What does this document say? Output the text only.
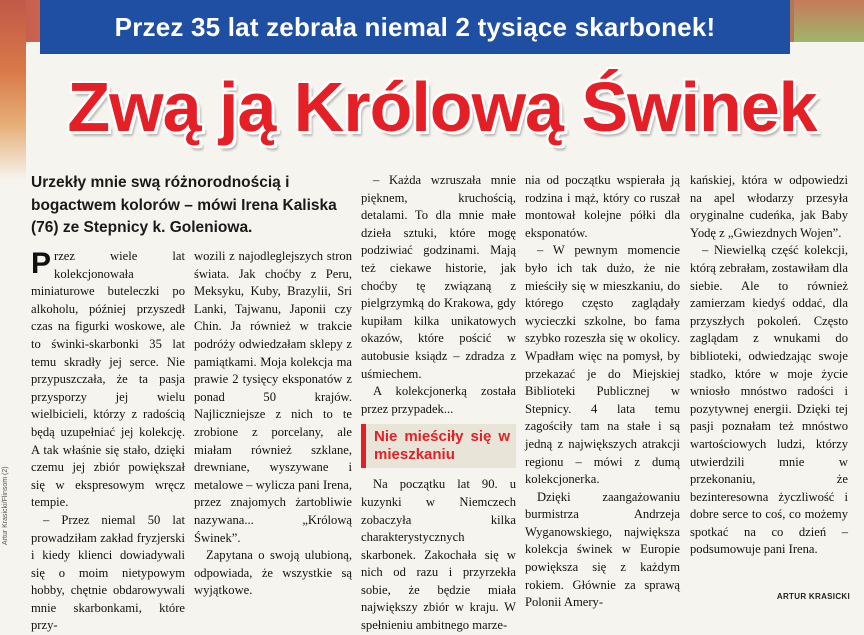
Przez 35 lat zebrała niemal 2 tysiące skarbonek!
Zwą ją Królową Świnek
Urzekły mnie swą różnorodnością i bogactwem kolorów – mówi Irena Kaliska (76) ze Stepnicy k. Goleniowa.

Przez wiele lat kolekcjonowała miniaturowe buteleczki po alkoholu, później przyszedł czas na figurki woskowe, ale to świnki-skarbonki 35 lat temu skradły jej serce. Nie przypuszczała, że ta pasja przysporzy jej wielu wielbicieli, którzy z radością będą uzupełniać jej kolekcję. A tak właśnie się stało, dzięki czemu jej zbiór powiększał się w ekspresowym wręcz tempie.

– Przez niemal 50 lat prowadziłam zakład fryzjerski i kiedy klienci dowiadywali się o moim nietypowym hobby, chętnie obdarowywali mnie skarbonkami, które przy-

wozili z najodleglejszych stron świata. Jak choćby z Peru, Meksyku, Kuby, Brazylii, Sri Lanki, Tajwanu, Japonii czy Chin. Ja również w trakcie podróży odwiedzałam sklepy z pamiątkami. Moja kolekcja ma prawie 2 tysięcy eksponatów z ponad 50 krajów. Najliczniejsze z nich to te zrobione z porcelany, ale miałam również szklane, drewniane, wyszywane i metalowe – wylicza pani Irena, przez znajomych żartobliwie nazywana... „Królową Świnek”.

Zapytana o swoją ulubioną, odpowiada, że wszystkie są wyjątkowe.

– Każda wzruszała mnie pięknem, kruchością, detalami. To dla mnie małe dzieła sztuki, które mogę podziwiać godzinami. Mają też ciekawe historie, jak choćby tę związaną z pielgrzymką do Krakowa, gdy kupiłam kilka unikatowych okazów, które pościć w autobusie ksiądz – zdradza z uśmiechem.

A kolekcjonerką została przez przypadek...

Nie mieściły się w mieszkaniu

Na początku lat 90. u kuzynki w Niemczech zobaczyła kilka charakterystycznych skarbonek. Zakochała się w nich od razu i przyrzekła sobie, że będzie miała największy zbiór w kraju. W spełnieniu ambitnego marze-

nia od początku wspierała ją rodzina i mąż, który co ruszał montował kolejne półki dla eksponatów.

– W pewnym momencie było ich tak dużo, że nie mieściły się w mieszkaniu, do którego często zaglądały wycieczki szkolne, bo fama szybko rozeszła się w okolicy. Wpadłam więc na pomysł, by przekazać je do Miejskiej Biblioteki Publicznej w Stepnicy. 4 lata temu zagościły tam na stałe i są jedną z największych atrakcji regionu – mówi z dumą kolekcjonerka.

Dzięki zaangażowaniu burmistrza Andrzeja Wyganowskiego, największa kolekcja świnek w Europie powiększa się z każdym rokiem. Głównie za sprawą Polonii Amery-

kańskiej, która w odpowiedzi na apel włodarzy przesyła oryginalne cudeńka, jak Baby Yodę z „Gwiezdnych Wojen”.

– Niewielką część kolekcji, którą zebrałam, zostawiłam dla siebie. Ale to również zamierzam kiedyś oddać, dla przyszłych pokoleń. Często zaglądam z wnukami do biblioteki, odwiedzając swoje stadko, które w moje życie wniosło mnóstwo radości i pozytywnej energii. Dzięki tej pasji poznałam też mnóstwo wartościowych ludzi, którzy utwierdzili mnie w przekonaniu, że bezinteresowna życzliwość i dobre serce to coś, co możemy spotkać na co dzień – podsumowuje pani Irena.

Artur Krasicki/Flinsom (2)
ARTUR KRASICKI
